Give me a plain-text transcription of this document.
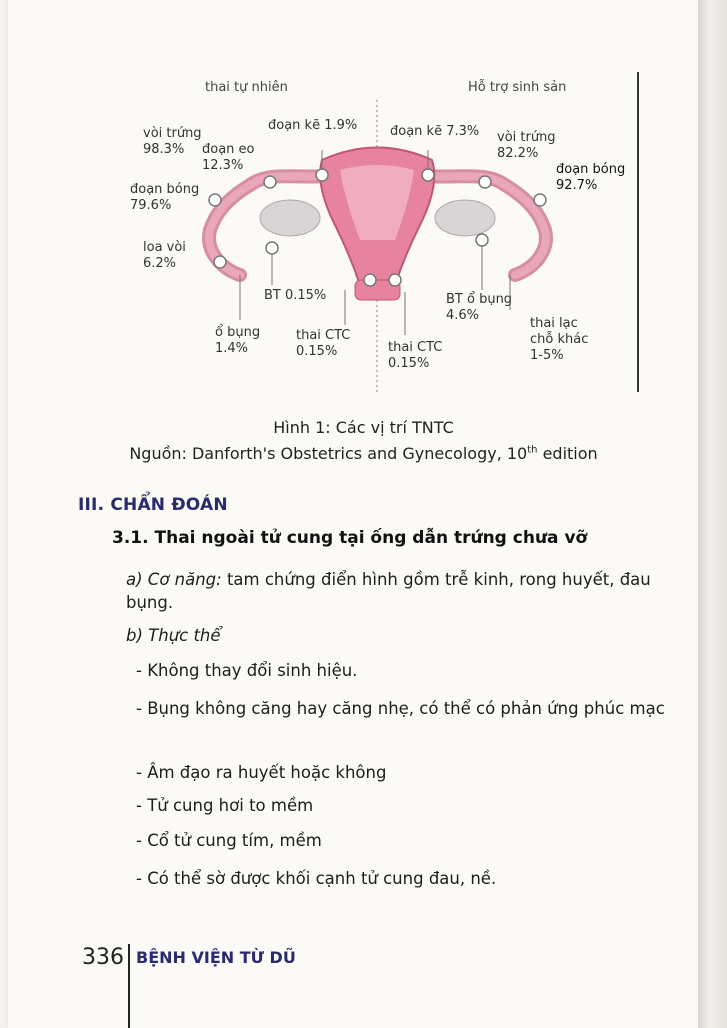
thai tự nhiên	Hỗ trợ sinh sản
vòi trứng
98.3%	đoạn eo
12.3%
đoạn kẽ 1.9%
đoạn bóng
79.6%
loa vòi
6.2%
BT 0.15%
ổ bụng
1.4%
thai CTC
0.15%	thai CTC
0.15%
đoạn kẽ 7.3% vòi trứng
82.2%
đoạn bóng
92.7%
BT ổ bụng
4.6%
thai lạc
chỗ khác
1-5%
Hình 1: Các vị trí TNTC
Nguồn: Danforth's Obstetrics and Gynecology, 10th edition
III. CHẨN ĐOÁN
3.1. Thai ngoài tử cung tại ống dẫn trứng chưa vỡ
a) Cơ năng: tam chứng điển hình gồm trễ kinh, rong huyết, đau bụng.
b) Thực thể
- Không thay đổi sinh hiệu.
- Bụng không căng hay căng nhẹ, có thể có phản ứng phúc mạc
- Âm đạo ra huyết hoặc không
- Tử cung hơi to mềm
- Cổ tử cung tím, mềm
- Có thể sờ được khối cạnh tử cung đau, nề.
336 BỆNH VIỆN TỪ DŨ
